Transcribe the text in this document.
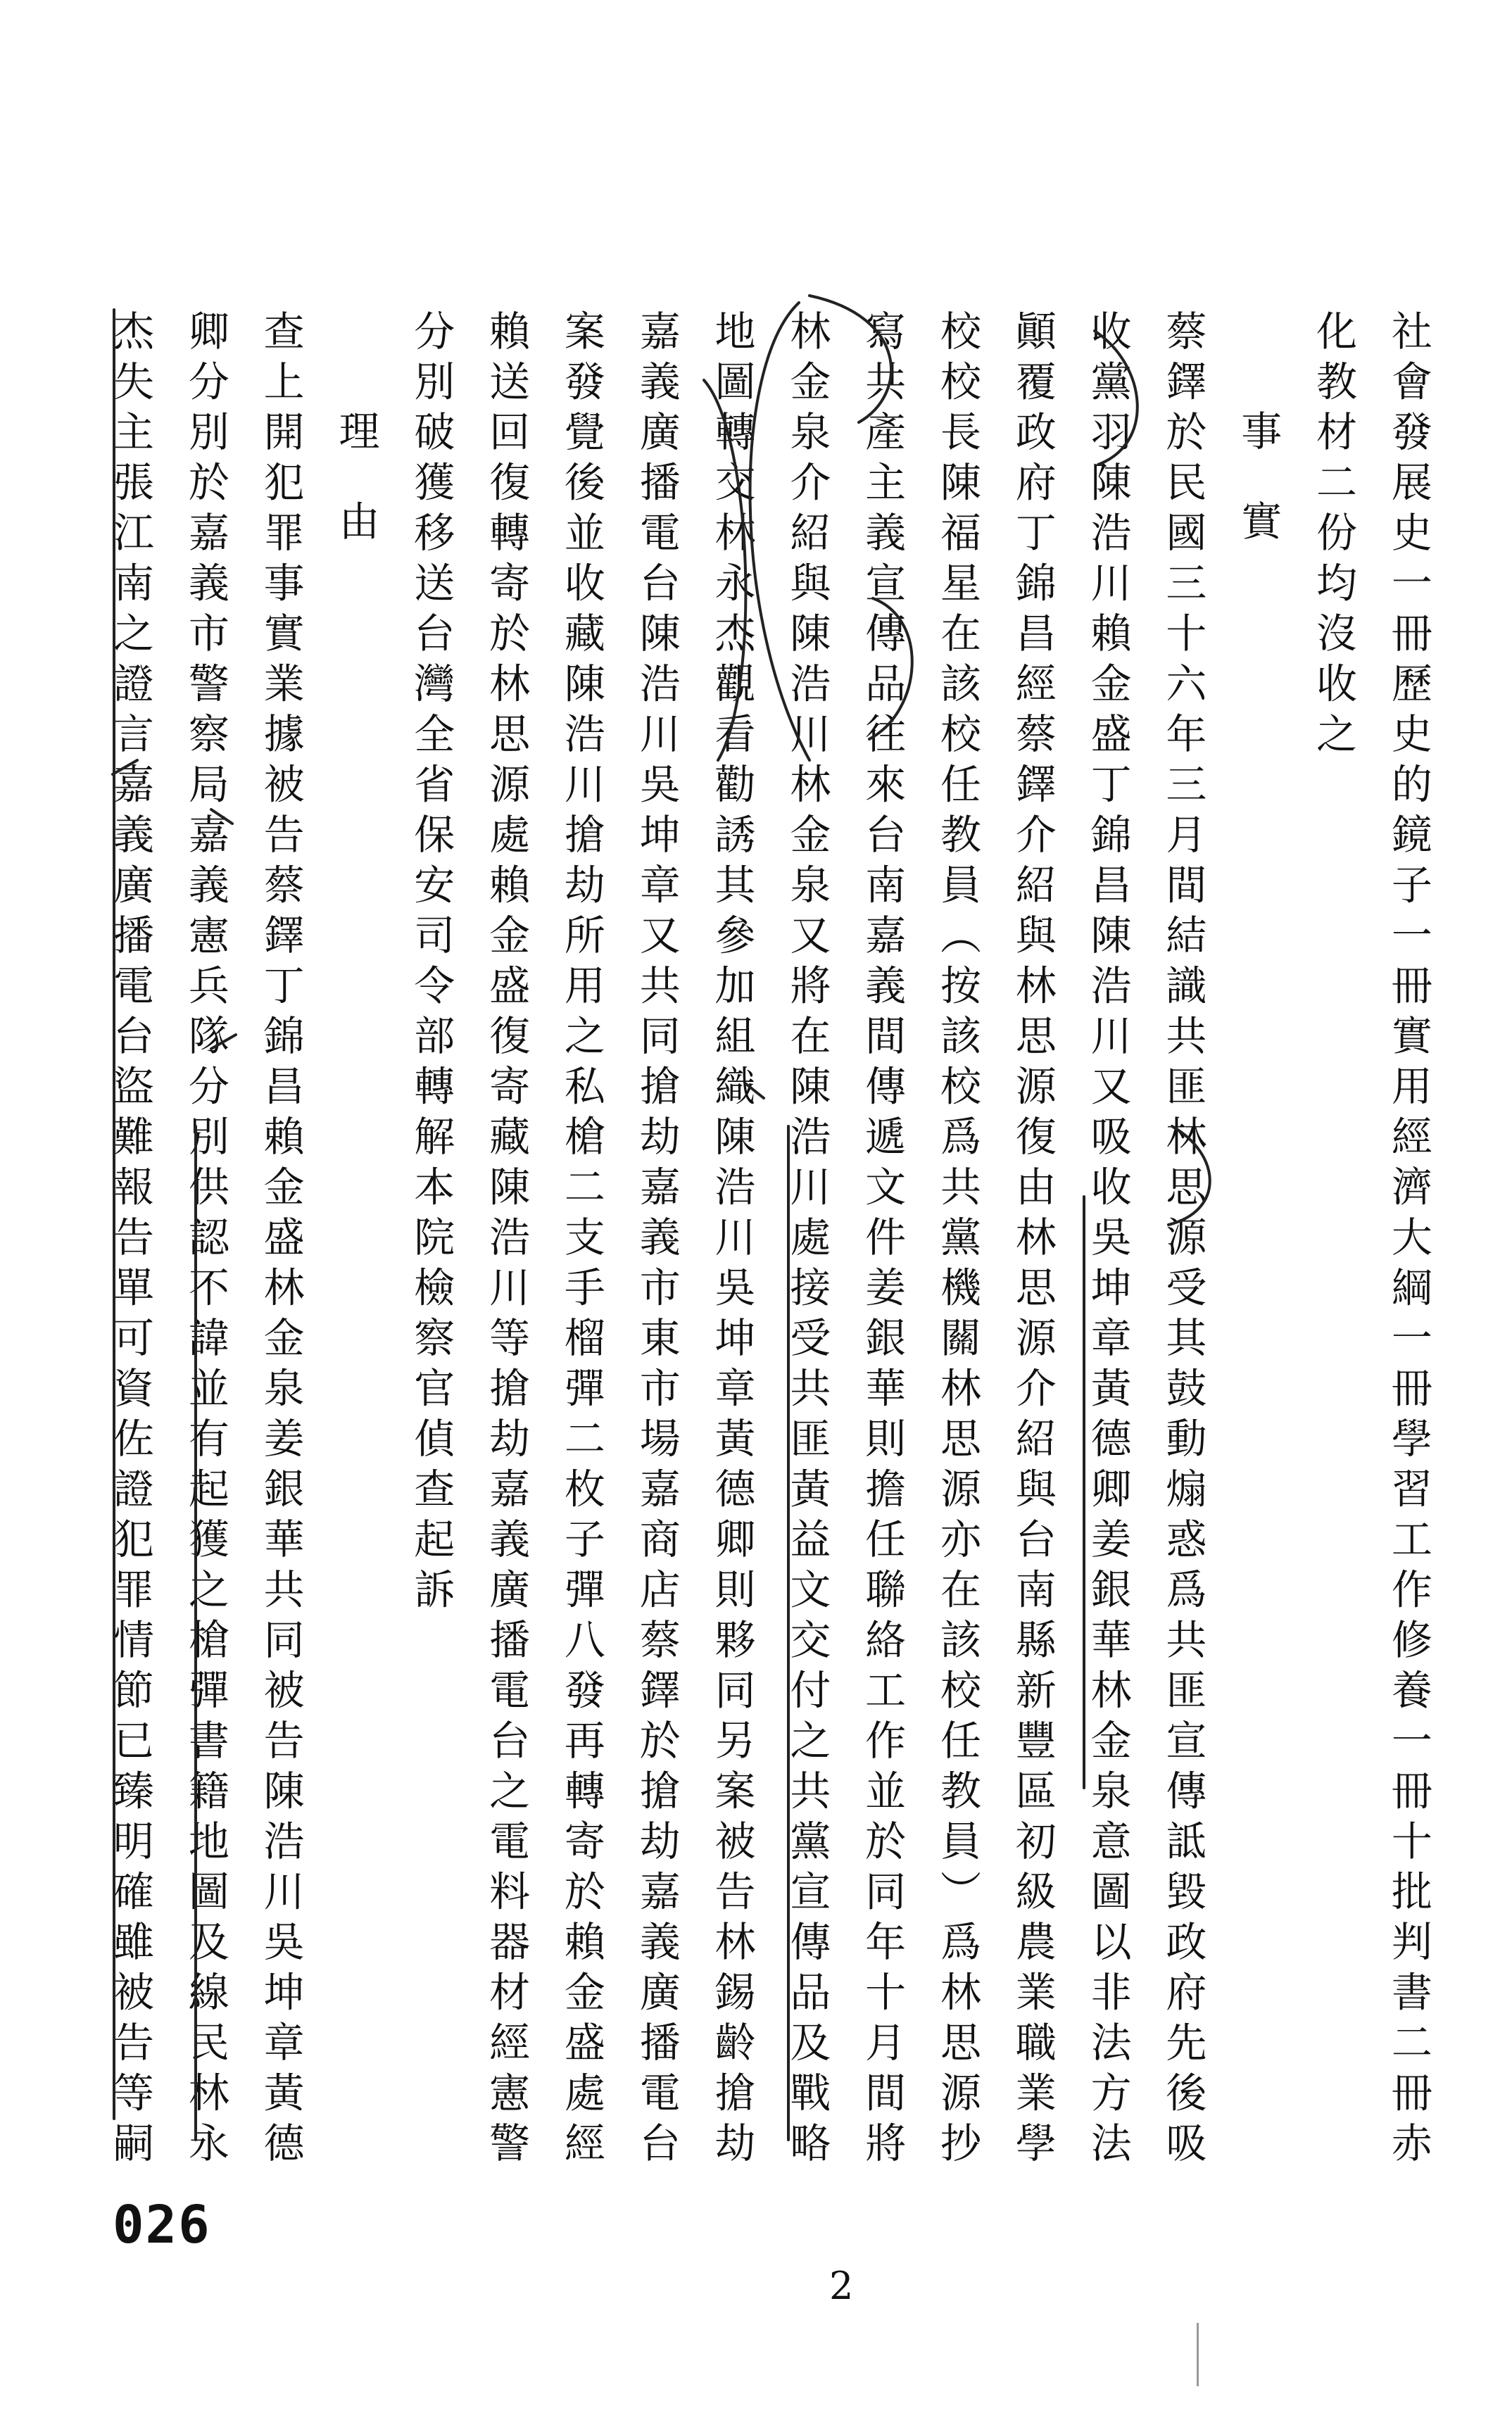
社會發展史一冊歷史的鏡子一冊實用經濟大綱一冊學習工作修養一冊十批判書二冊赤
化教材二份均沒收之
事實
蔡鐸於民國三十六年三月間結識共匪林思源受其鼓動煽惑爲共匪宣傳詆毀政府先後吸
收黨羽陳浩川賴金盛丁錦昌陳浩川又吸收吳坤章黃德卿姜銀華林金泉意圖以非法方法
顚覆政府丁錦昌經蔡鐸介紹與林思源復由林思源介紹與台南縣新豐區初級農業職業學
校校長陳福星在該校任教員（按該校爲共黨機關林思源亦在該校任教員）爲林思源抄
寫共產主義宣傳品往來台南嘉義間傳遞文件姜銀華則擔任聯絡工作並於同年十月間將
林金泉介紹與陳浩川林金泉又將在陳浩川處接受共匪黃益文交付之共黨宣傳品及戰略
地圖轉交林永杰觀看勸誘其參加組織陳浩川吳坤章黃德卿則夥同另案被告林錫齡搶劫
嘉義廣播電台陳浩川吳坤章又共同搶劫嘉義市東市場嘉商店蔡鐸於搶劫嘉義廣播電台
案發覺後並收藏陳浩川搶劫所用之私槍二支手榴彈二枚子彈八發再轉寄於賴金盛處經
賴送回復轉寄於林思源處賴金盛復寄藏陳浩川等搶劫嘉義廣播電台之電料器材經憲警
分別破獲移送台灣全省保安司令部轉解本院檢察官偵查起訴
理由
查上開犯罪事實業據被告蔡鐸丁錦昌賴金盛林金泉姜銀華共同被告陳浩川吳坤章黃德
卿分別於嘉義市警察局嘉義憲兵隊分別供認不諱並有起獲之槍彈書籍地圖及線民林永
杰失主張江南之證言嘉義廣播電台盜難報告單可資佐證犯罪情節已臻明確雖被告等嗣
026
2
